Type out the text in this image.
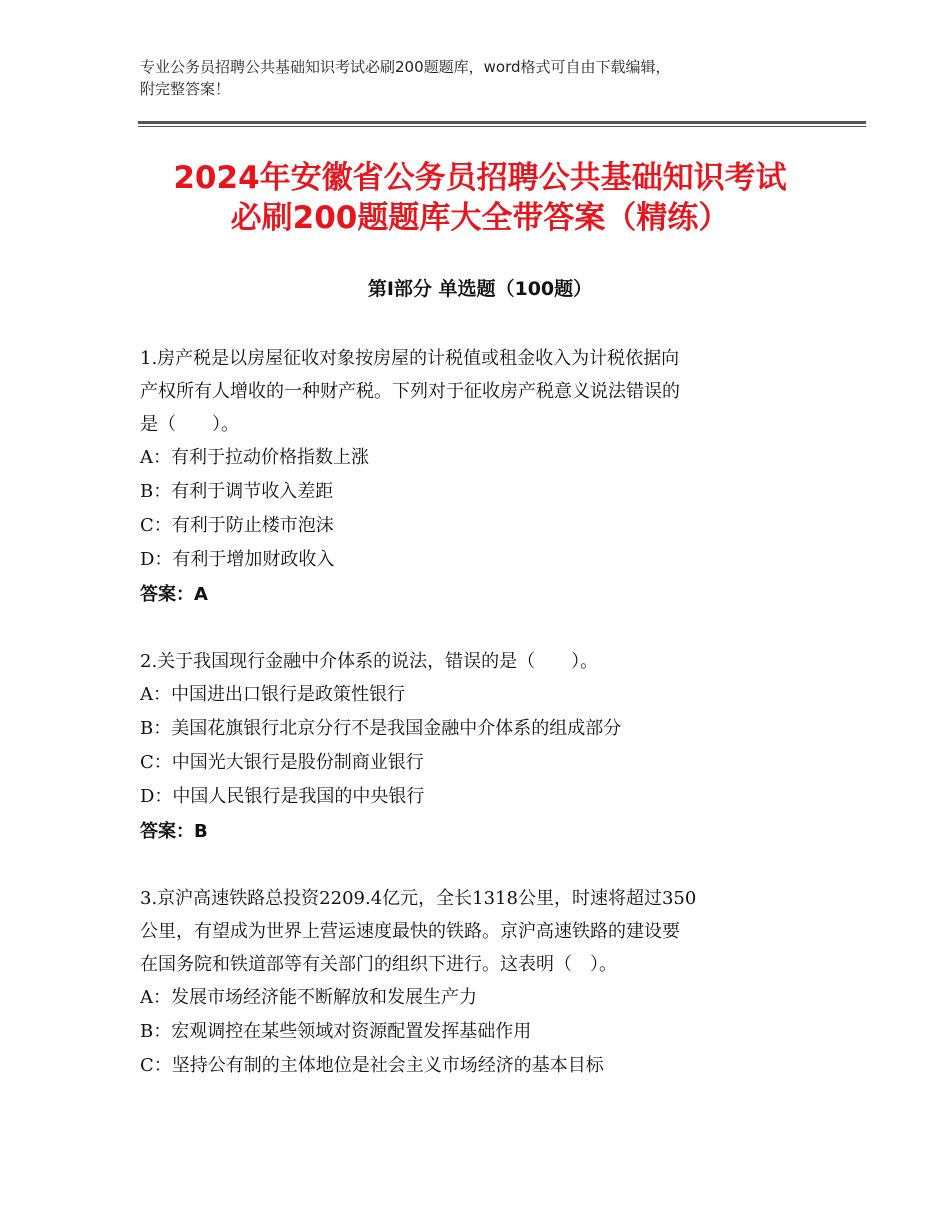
专业公务员招聘公共基础知识考试必刷200题题库，word格式可自由下载编辑，
附完整答案！
2024年安徽省公务员招聘公共基础知识考试
必刷200题题库大全带答案（精练）
第Ⅰ部分 单选题（100题）
1.房产税是以房屋征收对象按房屋的计税值或租金收入为计税依据向
产权所有人增收的一种财产税。下列对于征收房产税意义说法错误的
是（　　）。
A：有利于拉动价格指数上涨
B：有利于调节收入差距
C：有利于防止楼市泡沫
D：有利于增加财政收入
答案：A
2.关于我国现行金融中介体系的说法，错误的是（　　）。
A：中国进出口银行是政策性银行
B：美国花旗银行北京分行不是我国金融中介体系的组成部分
C：中国光大银行是股份制商业银行
D：中国人民银行是我国的中央银行
答案：B
3.京沪高速铁路总投资2209.4亿元，全长1318公里，时速将超过350
公里，有望成为世界上营运速度最快的铁路。京沪高速铁路的建设要
在国务院和铁道部等有关部门的组织下进行。这表明（　）。
A：发展市场经济能不断解放和发展生产力
B：宏观调控在某些领域对资源配置发挥基础作用
C：坚持公有制的主体地位是社会主义市场经济的基本目标
